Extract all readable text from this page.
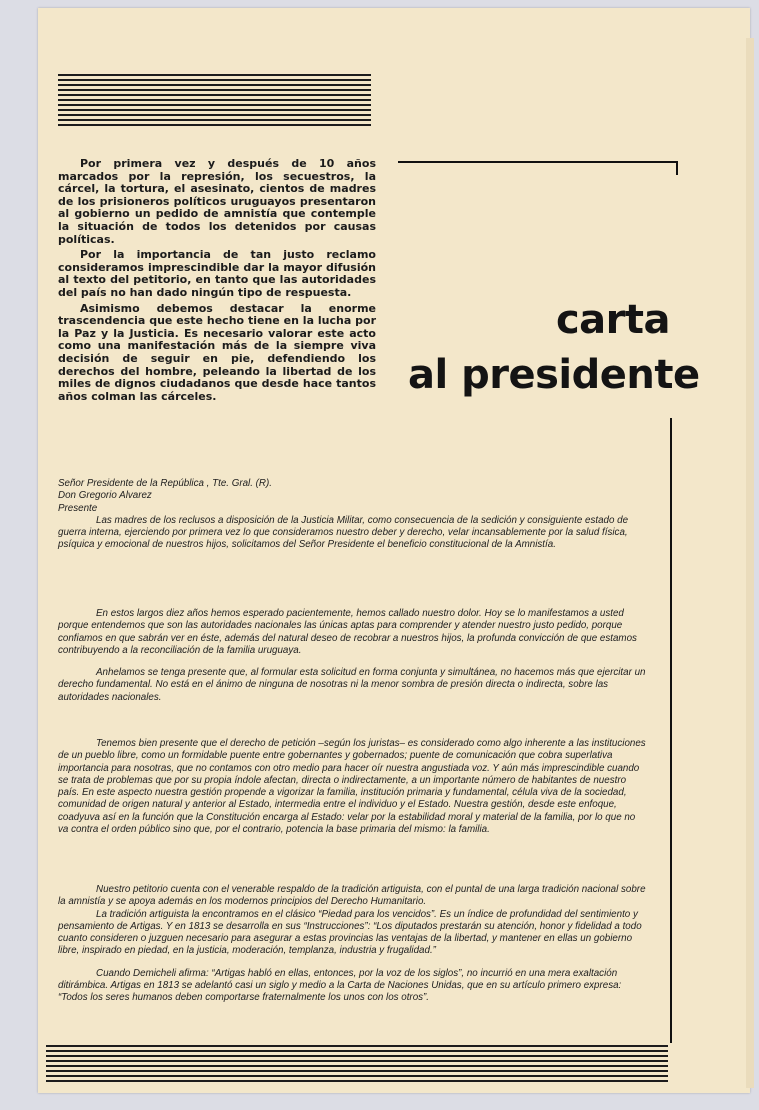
Por primera vez y después de 10 años marcados por la represión, los secuestros, la cárcel, la tortura, el asesinato, cientos de madres de los prisioneros políticos uruguayos presentaron al gobierno un pedido de amnistía que contemple la situación de todos los detenidos por causas políticas.

Por la importancia de tan justo reclamo consideramos imprescindible dar la mayor difusión al texto del petitorio, en tanto que las autoridades del país no han dado ningún tipo de respuesta.

Asimismo debemos destacar la enorme trascendencia que este hecho tiene en la lucha por la Paz y la Justicia. Es necesario valorar este acto como una manifestación más de la siempre viva decisión de seguir en pie, defendiendo los derechos del hombre, peleando la libertad de los miles de dignos ciudadanos que desde hace tantos años colman las cárceles.

carta
al presidente

Señor Presidente de la República , Tte. Gral. (R).

Don Gregorio Alvarez

Presente

Las madres de los reclusos a disposición de la Justicia Militar, como consecuencia de la sedición y consiguiente estado de guerra interna, ejerciendo por primera vez lo que consideramos nuestro deber y derecho, velar incansablemente por la salud física, psíquica y emocional de nuestros hijos, solicitamos del Señor Presidente el beneficio constitucional de la Amnistía.

En estos largos diez años hemos esperado pacientemente, hemos callado nuestro dolor. Hoy se lo manifestamos a usted porque entendemos que son las autoridades nacionales las únicas aptas para comprender y atender nuestro justo pedido, porque confiamos en que sabrán ver en éste, además del natural deseo de recobrar a nuestros hijos, la profunda convicción de que estamos contribuyendo a la reconciliación de la familia uruguaya.

Anhelamos se tenga presente que, al formular esta solicitud en forma conjunta y simultánea, no hacemos más que ejercitar un derecho fundamental. No está en el ánimo de ninguna de nosotras ni la menor sombra de presión directa o indirecta, sobre las autoridades nacionales.

Tenemos bien presente que el derecho de petición –según los juristas– es considerado como algo inherente a las instituciones de un pueblo libre, como un formidable puente entre gobernantes y gobernados; puente de comunicación que cobra superlativa importancia para nosotras, que no contamos con otro medio para hacer oír nuestra angustiada voz. Y aún más imprescindible cuando se trata de problemas que por su propia índole afectan, directa o indirectamente, a un importante número de habitantes de nuestro país. En este aspecto nuestra gestión propende a vigorizar la familia, institución primaria y fundamental, célula viva de la sociedad, comunidad de origen natural y anterior al Estado, intermedia entre el individuo y el Estado. Nuestra gestión, desde este enfoque, coadyuva así en la función que la Constitución encarga al Estado: velar por la estabilidad moral y material de la familia, por lo que no va contra el orden público sino que, por el contrario, potencia la base primaria del mismo: la familia.

Nuestro petitorio cuenta con el venerable respaldo de la tradición artiguista, con el puntal de una larga tradición nacional sobre la amnistía y se apoya además en los modernos principios del Derecho Humanitario.

La tradición artiguista la encontramos en el clásico “Piedad para los vencidos”. Es un índice de profundidad del sentimiento y pensamiento de Artigas. Y en 1813 se desarrolla en sus “Instrucciones”: “Los diputados prestarán su atención, honor y fidelidad a todo cuanto consideren o juzguen necesario para asegurar a estas provincias las ventajas de la libertad, y mantener en ellas un gobierno libre, inspirado en piedad, en la justicia, moderación, templanza, industria y frugalidad.”

Cuando Demicheli afirma: “Artigas habló en ellas, entonces, por la voz de los siglos”, no incurrió en una mera exaltación ditirámbica. Artigas en 1813 se adelantó casi un siglo y medio a la Carta de Naciones Unidas, que en su artículo primero expresa: “Todos los seres humanos deben comportarse fraternalmente los unos con los otros”.
